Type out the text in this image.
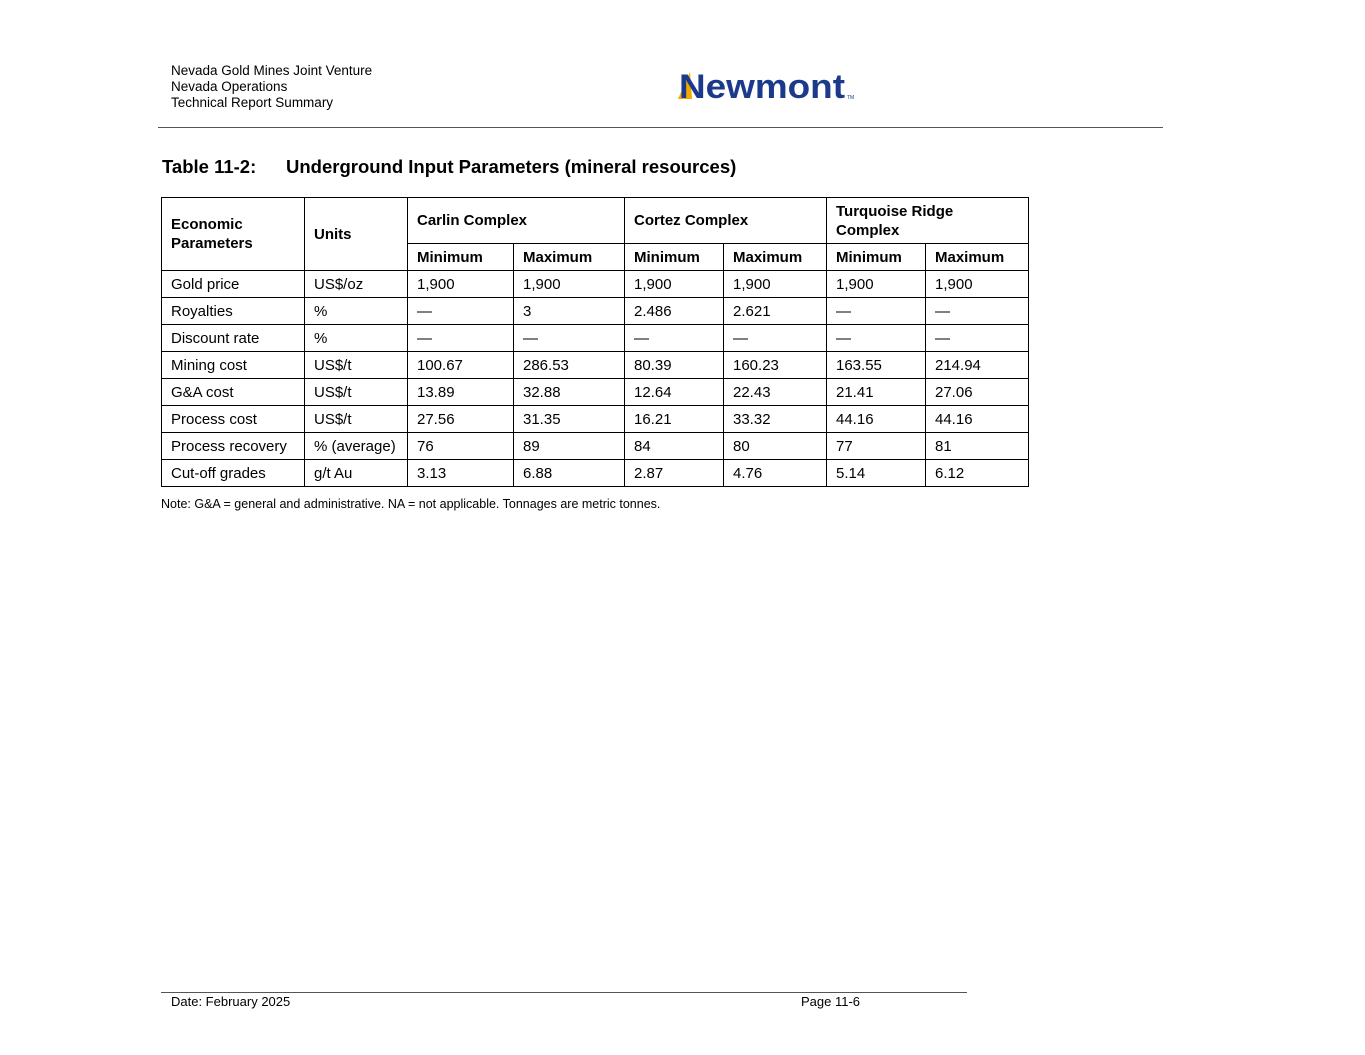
Nevada Gold Mines Joint Venture
Nevada Operations
Technical Report Summary	Newmont TM
Table 11-2: Underground Input Parameters (mineral resources)
Economic Parameters	Units	Carlin Complex		Cortez Complex		Turquoise Ridge Complex	
		Minimum	Maximum	Minimum	Maximum	Minimum	Maximum
Gold price	US$/oz	1,900	1,900	1,900	1,900	1,900	1,900
Royalties	%	—	3	2.486	2.621	—	—
Discount rate	%	—	—	—	—	—	—
Mining cost	US$/t	100.67	286.53	80.39	160.23	163.55	214.94
G&A cost	US$/t	13.89	32.88	12.64	22.43	21.41	27.06
Process cost	US$/t	27.56	31.35	16.21	33.32	44.16	44.16
Process recovery	% (average)	76	89	84	80	77	81
Cut-off grades	g/t Au	3.13	6.88	2.87	4.76	5.14	6.12
Note: G&A = general and administrative. NA = not applicable. Tonnages are metric tonnes.
Date: February 2025	Page 11-6
